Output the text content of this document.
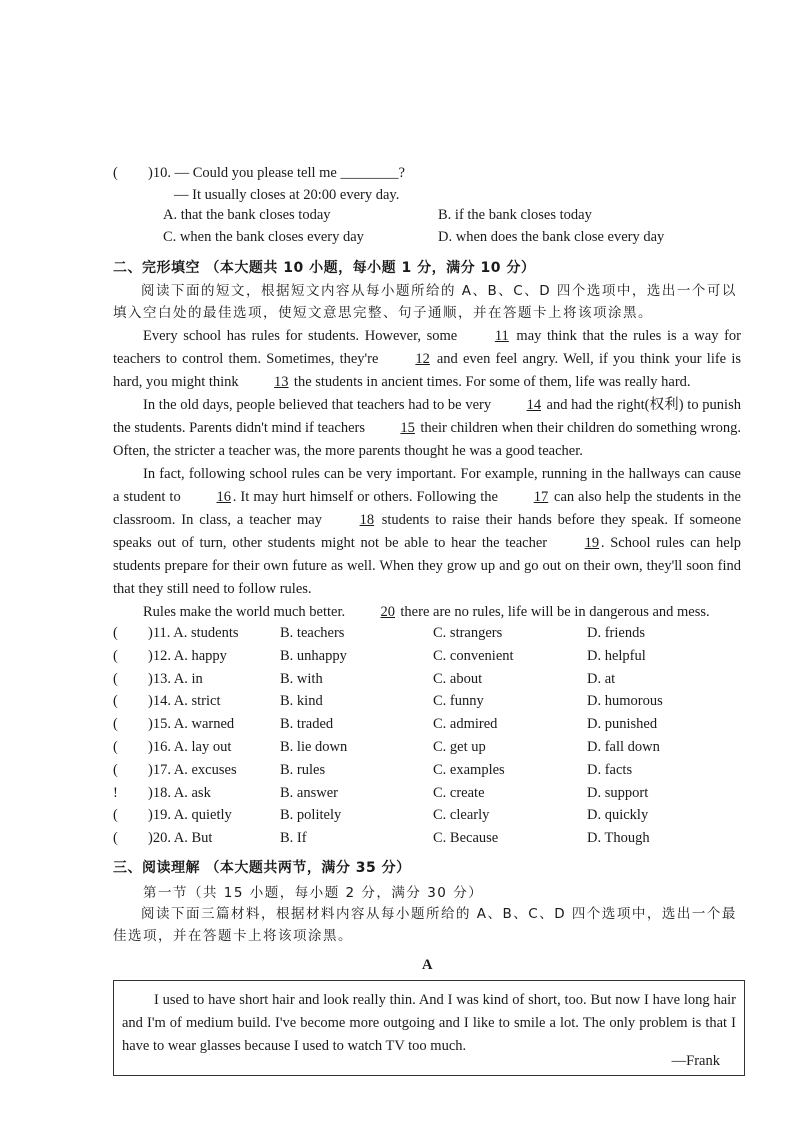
( )10. — Could you please tell me ________?
— It usually closes at 20:00 every day.
A. that the bank closes today	B. if the bank closes today
C. when the bank closes every day	D. when does the bank close every day
二、完形填空 （本大题共 10 小题，每小题 1 分，满分 10 分）
阅读下面的短文，根据短文内容从每小题所给的 A、B、C、D 四个选项中，选出一个可以填入空白处的最佳选项，使短文意思完整、句子通顺，并在答题卡上将该项涂黑。
Every school has rules for students. However, some 11 may think that the rules is a way for teachers to control them. Sometimes, they're 12 and even feel angry. Well, if you think your life is hard, you might think 13 the students in ancient times. For some of them, life was really hard.
In the old days, people believed that teachers had to be very 14 and had the right(权利) to punish the students. Parents didn't mind if teachers 15 their children when their children do something wrong. Often, the stricter a teacher was, the more parents thought he was a good teacher.
In fact, following school rules can be very important. For example, running in the hallways can cause a student to 16 . It may hurt himself or others. Following the 17 can also help the students in the classroom. In class, a teacher may 18 students to raise their hands before they speak. If someone speaks out of turn, other students might not be able to hear the teacher 19 . School rules can help students prepare for their own future as well. When they grow up and go out on their own, they'll soon find that they still need to follow rules.
Rules make the world much better. 20 there are no rules, life will be in dangerous and mess.
( )11. A. students	B. teachers	C. strangers	D. friends
( )12. A. happy	B. unhappy	C. convenient	D. helpful
( )13. A. in	B. with	C. about	D. at
( )14. A. strict	B. kind	C. funny	D. humorous
( )15. A. warned	B. traded	C. admired	D. punished
( )16. A. lay out	B. lie down	C. get up	D. fall down
( )17. A. excuses	B. rules	C. examples	D. facts
! )18. A. ask	B. answer	C. create	D. support
( )19. A. quietly	B. politely	C. clearly	D. quickly
( )20. A. But	B. If	C. Because	D. Though
三、阅读理解 （本大题共两节，满分 35 分）
第一节（共 15 小题，每小题 2 分，满分 30 分）
阅读下面三篇材料，根据材料内容从每小题所给的 A、B、C、D 四个选项中，选出一个最佳选项，并在答题卡上将该项涂黑。
A
I used to have short hair and look really thin. And I was kind of short, too. But now I have long hair and I'm of medium build. I've become more outgoing and I like to smile a lot. The only problem is that I have to wear glasses because I used to watch TV too much.
—Frank
